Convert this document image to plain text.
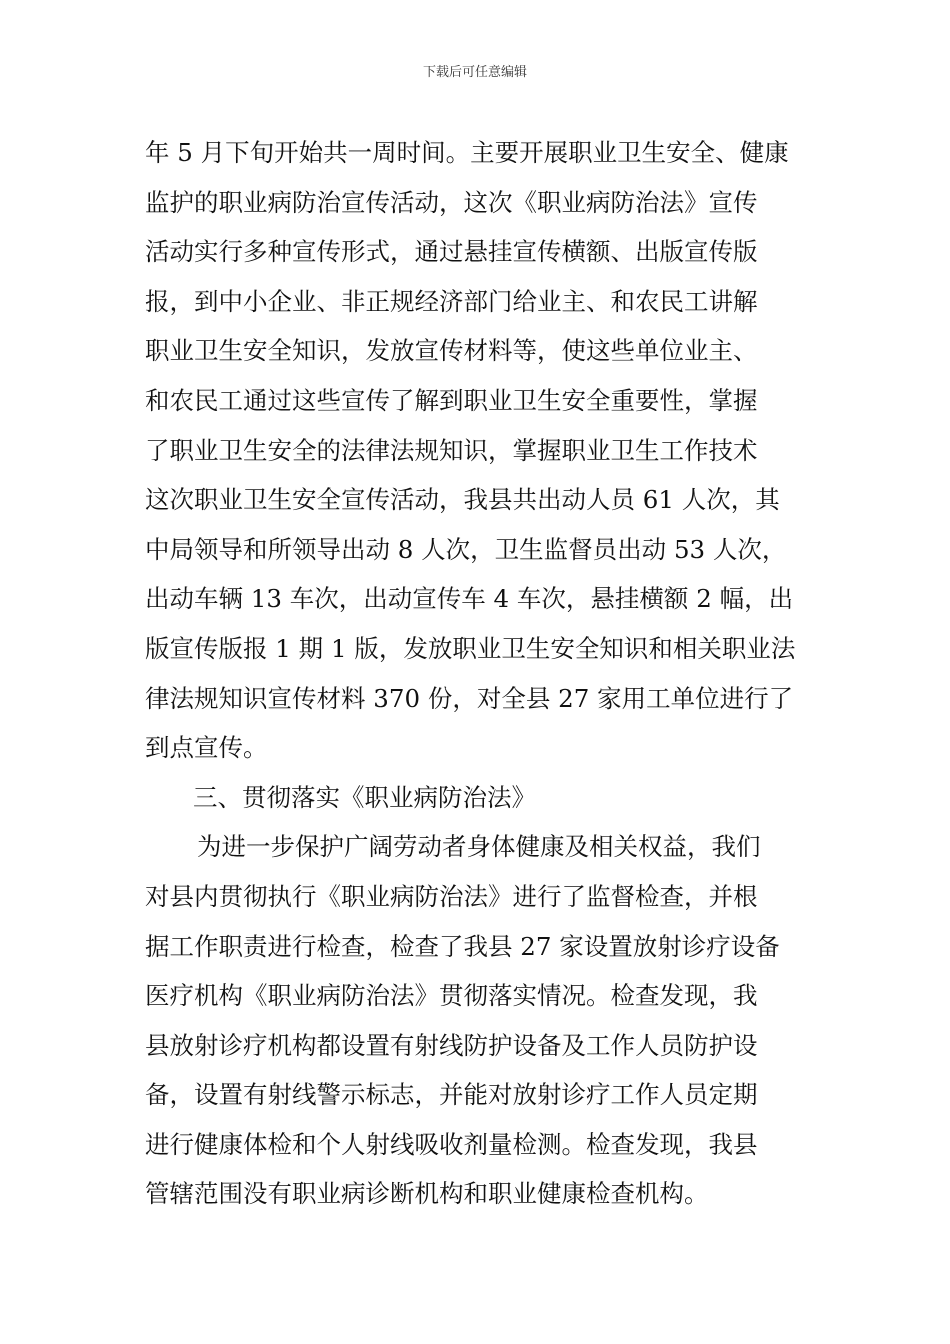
下载后可任意编辑
年 5 月下旬开始共一周时间。主要开展职业卫生安全、健康
监护的职业病防治宣传活动，这次《职业病防治法》宣传
活动实行多种宣传形式，通过悬挂宣传横额、出版宣传版
报，到中小企业、非正规经济部门给业主、和农民工讲解
职业卫生安全知识，发放宣传材料等，使这些单位业主、
和农民工通过这些宣传了解到职业卫生安全重要性，掌握
了职业卫生安全的法律法规知识，掌握职业卫生工作技术
这次职业卫生安全宣传活动，我县共出动人员 61 人次，其
中局领导和所领导出动 8 人次，卫生监督员出动 53 人次，
出动车辆 13 车次，出动宣传车 4 车次，悬挂横额 2 幅，出
版宣传版报 1 期 1 版，发放职业卫生安全知识和相关职业法
律法规知识宣传材料 370 份，对全县 27 家用工单位进行了
到点宣传。
三、贯彻落实《职业病防治法》
为进一步保护广阔劳动者身体健康及相关权益，我们
对县内贯彻执行《职业病防治法》进行了监督检查，并根
据工作职责进行检查，检查了我县 27 家设置放射诊疗设备
医疗机构《职业病防治法》贯彻落实情况。检查发现，我
县放射诊疗机构都设置有射线防护设备及工作人员防护设
备，设置有射线警示标志，并能对放射诊疗工作人员定期
进行健康体检和个人射线吸收剂量检测。检查发现，我县
管辖范围没有职业病诊断机构和职业健康检查机构。
